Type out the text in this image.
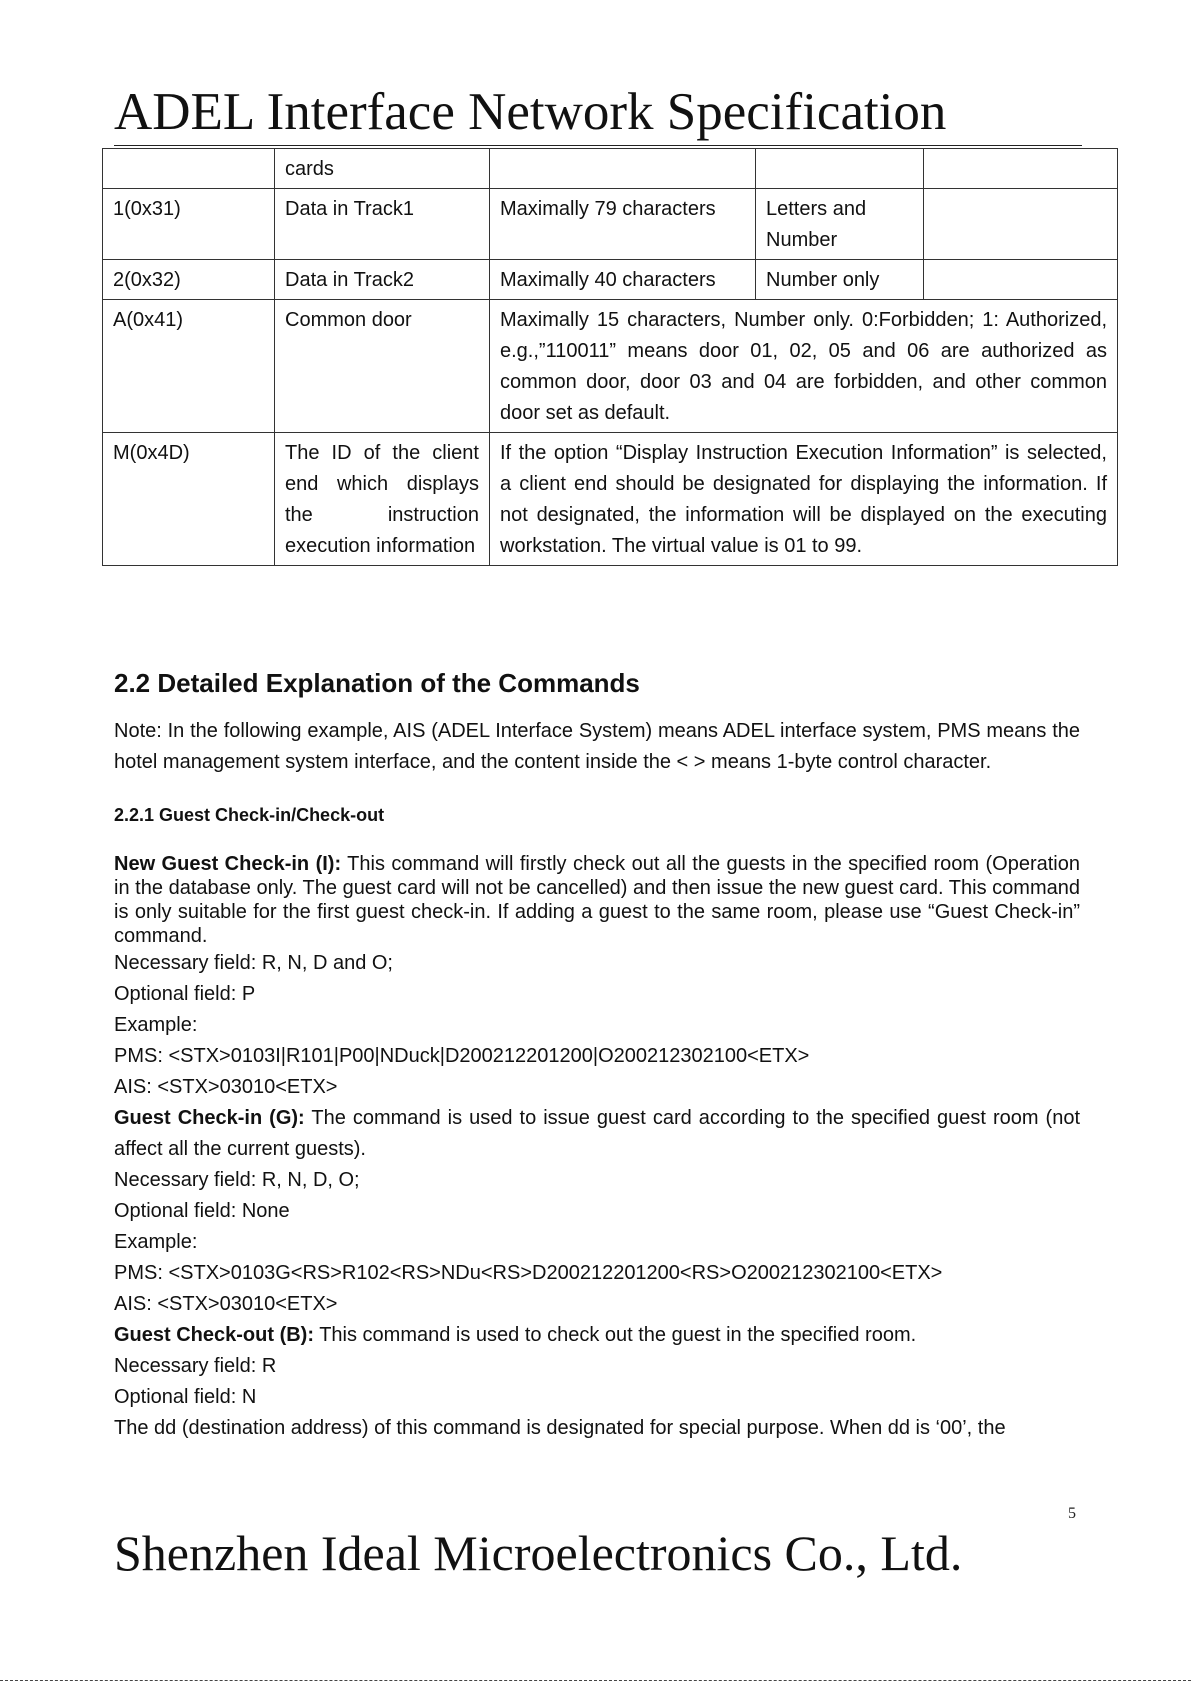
ADEL Interface Network Specification
	cards			
1(0x31)	Data in Track1	Maximally 79 characters	Letters and Number	
2(0x32)	Data in Track2	Maximally 40 characters	Number only	
A(0x41)	Common door	Maximally 15 characters, Number only. 0:Forbidden; 1: Authorized, e.g.,”110011” means door 01, 02, 05 and 06 are authorized as common door, door 03 and 04 are forbidden, and other common door set as default.		
M(0x4D)	The ID of the client end which displays the instruction execution information	If the option “Display Instruction Execution Information” is selected, a client end should be designated for displaying the information. If not designated, the information will be displayed on the executing workstation. The virtual value is 01 to 99.		
2.2 Detailed Explanation of the Commands

Note: In the following example, AIS (ADEL Interface System) means ADEL interface system, PMS means the hotel management system interface, and the content inside the < > means 1-byte control character.

2.2.1 Guest Check-in/Check-out

New Guest Check-in (I): This command will firstly check out all the guests in the specified room (Operation in the database only. The guest card will not be cancelled) and then issue the new guest card. This command is only suitable for the first guest check-in. If adding a guest to the same room, please use “Guest Check-in” command.

Necessary field: R, N, D and O;
Optional field: P
Example:
PMS: <STX>0103I|R101|P00|NDuck|D200212201200|O200212302100<ETX>
AIS: <STX>03010<ETX>

Guest Check-in (G): The command is used to issue guest card according to the specified guest room (not affect all the current guests).

Necessary field: R, N, D, O;
Optional field: None
Example:
PMS: <STX>0103G<RS>R102<RS>NDu<RS>D200212201200<RS>O200212302100<ETX>
AIS: <STX>03010<ETX>

Guest Check-out (B): This command is used to check out the guest in the specified room.

Necessary field: R
Optional field: N
The dd (destination address) of this command is designated for special purpose. When dd is ‘00’, the
5
Shenzhen Ideal Microelectronics Co., Ltd.
